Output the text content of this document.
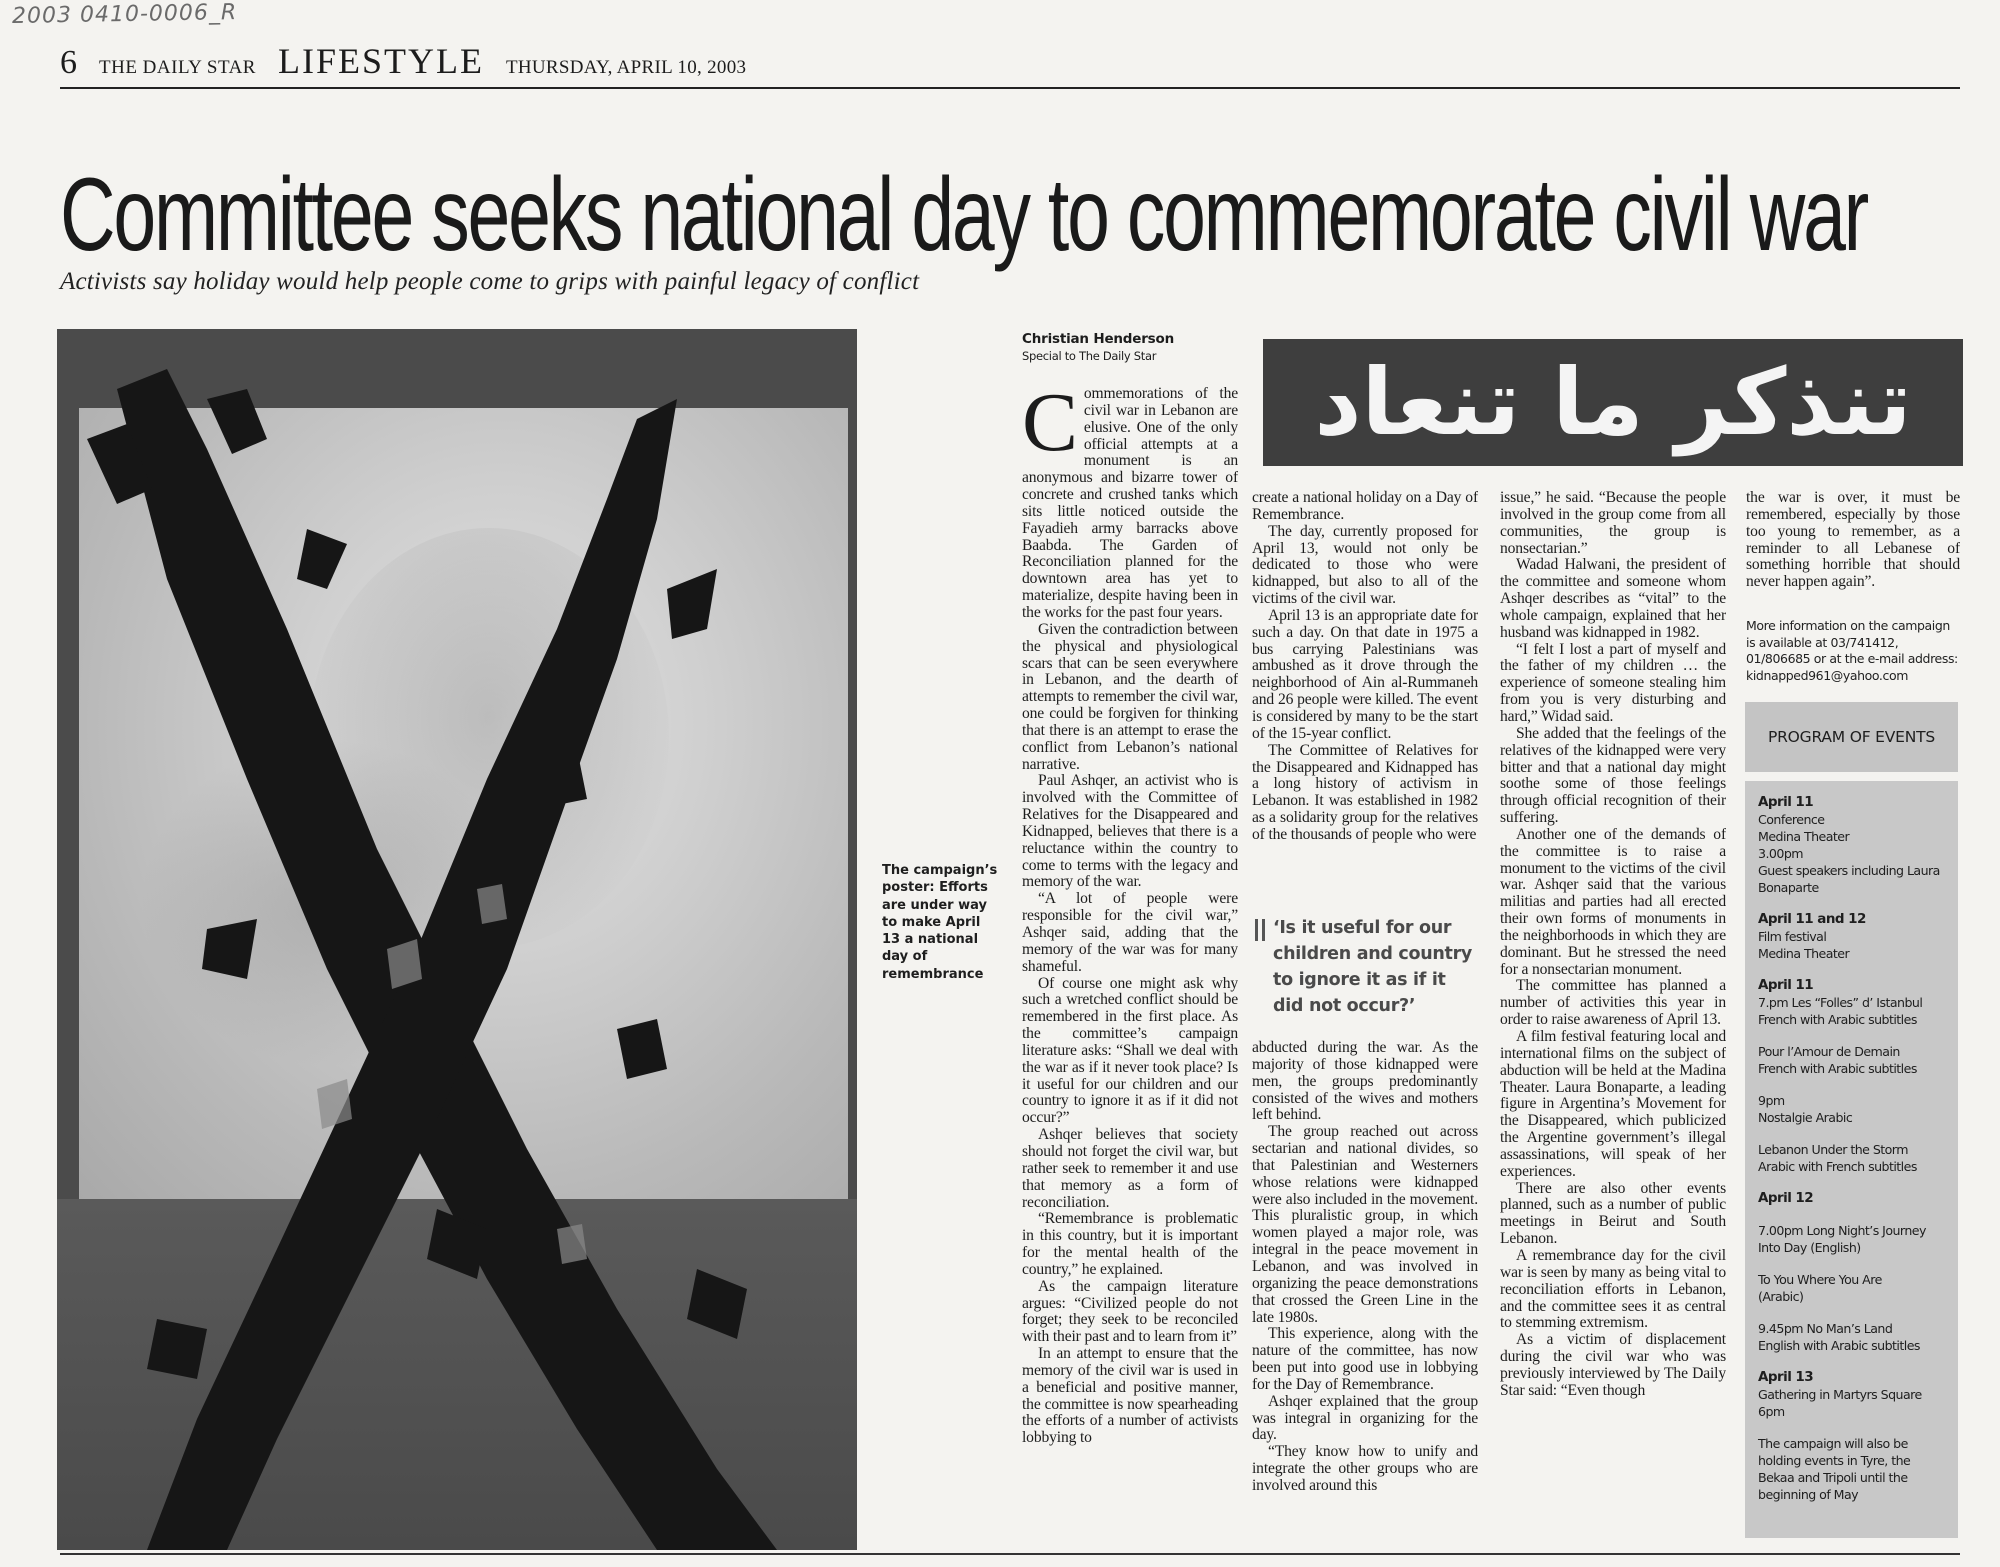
2003 0410-0006_R
6 THE DAILY STAR LIFESTYLE THURSDAY, APRIL 10, 2003
Committee seeks national day to commemorate civil war
Activists say holiday would help people come to grips with painful legacy of conflict
The campaign’s poster: Efforts are under way to make April 13 a national day of remembrance
Christian Henderson
Special to The Daily Star تنذكر ما تنعاد

Commemorations of the civil war in Lebanon are elusive. One of the only official attempts at a monument is an anonymous and bizarre tower of concrete and crushed tanks which sits little noticed outside the Fayadieh army barracks above Baabda. The Garden of Reconciliation planned for the downtown area has yet to materialize, despite having been in the works for the past four years.

Given the contradiction between the physical and physiological scars that can be seen everywhere in Lebanon, and the dearth of attempts to remember the civil war, one could be forgiven for thinking that there is an attempt to erase the conflict from Lebanon’s national narrative.

Paul Ashqer, an activist who is involved with the Committee of Relatives for the Disappeared and Kidnapped, believes that there is a reluctance within the country to come to terms with the legacy and memory of the war.

“A lot of people were responsible for the civil war,” Ashqer said, adding that the memory of the war was for many shameful.

Of course one might ask why such a wretched conflict should be remembered in the first place. As the committee’s campaign literature asks: “Shall we deal with the war as if it never took place? Is it useful for our children and our country to ignore it as if it did not occur?”

Ashqer believes that society should not forget the civil war, but rather seek to remember it and use that memory as a form of reconciliation.

“Remembrance is problematic in this country, but it is important for the mental health of the country,” he explained.

As the campaign literature argues: “Civilized people do not forget; they seek to be reconciled with their past and to learn from it”

In an attempt to ensure that the memory of the civil war is used in a beneficial and positive manner, the committee is now spearheading the efforts of a number of activists lobbying to

create a national holiday on a Day of Remembrance.

The day, currently proposed for April 13, would not only be dedicated to those who were kidnapped, but also to all of the victims of the civil war.

April 13 is an appropriate date for such a day. On that date in 1975 a bus carrying Palestinians was ambushed as it drove through the neighborhood of Ain al-Rummaneh and 26 people were killed. The event is considered by many to be the start of the 15-year conflict.

The Committee of Relatives for the Disappeared and Kidnapped has a long history of activism in Lebanon. It was established in 1982 as a solidarity group for the relatives of the thousands of people who were

‘Is it useful for our children and country to ignore it as if it did not occur?’

abducted during the war. As the majority of those kidnapped were men, the groups predominantly consisted of the wives and mothers left behind.

The group reached out across sectarian and national divides, so that Palestinian and Westerners whose relations were kidnapped were also included in the movement. This pluralistic group, in which women played a major role, was integral in the peace movement in Lebanon, and was involved in organizing the peace demonstrations that crossed the Green Line in the late 1980s.

This experience, along with the nature of the committee, has now been put into good use in lobbying for the Day of Remembrance.

Ashqer explained that the group was integral in organizing for the day.

“They know how to unify and integrate the other groups who are involved around this

issue,” he said. “Because the people involved in the group come from all communities, the group is nonsectarian.”

Wadad Halwani, the president of the committee and someone whom Ashqer describes as “vital” to the whole campaign, explained that her husband was kidnapped in 1982.

“I felt I lost a part of myself and the father of my children … the experience of someone stealing him from you is very disturbing and hard,” Widad said.

She added that the feelings of the relatives of the kidnapped were very bitter and that a national day might soothe some of those feelings through official recognition of their suffering.

Another one of the demands of the committee is to raise a monument to the victims of the civil war. Ashqer said that the various militias and parties had all erected their own forms of monuments in the neighborhoods in which they are dominant. But he stressed the need for a nonsectarian monument.

The committee has planned a number of activities this year in order to raise awareness of April 13.

A film festival featuring local and international films on the subject of abduction will be held at the Madina Theater. Laura Bonaparte, a leading figure in Argentina’s Movement for the Disappeared, which publicized the Argentine government’s illegal assassinations, will speak of her experiences.

There are also other events planned, such as a number of public meetings in Beirut and South Lebanon.

A remembrance day for the civil war is seen by many as being vital to reconciliation efforts in Lebanon, and the committee sees it as central to stemming extremism.

As a victim of displacement during the civil war who was previously interviewed by The Daily Star said: “Even though

the war is over, it must be remembered, especially by those too young to remember, as a reminder to all Lebanese of something horrible that should never happen again”.

More information on the campaign is available at 03/741412, 01/806685 or at the e-mail address: kidnapped961@yahoo.com
PROGRAM OF EVENTS
April 11
Conference
Medina Theater
3.00pm
Guest speakers including Laura Bonaparte
April 11 and 12
Film festival
Medina Theater
April 11
7.pm Les “Folles” d’ Istanbul
French with Arabic subtitles
Pour l’Amour de Demain
French with Arabic subtitles
9pm
Nostalgie Arabic
Lebanon Under the Storm
Arabic with French subtitles
April 12
7.00pm Long Night’s Journey
Into Day (English)
To You Where You Are
(Arabic)
9.45pm No Man’s Land
English with Arabic subtitles
April 13
Gathering in Martyrs Square
6pm
The campaign will also be holding events in Tyre, the Bekaa and Tripoli until the beginning of May
